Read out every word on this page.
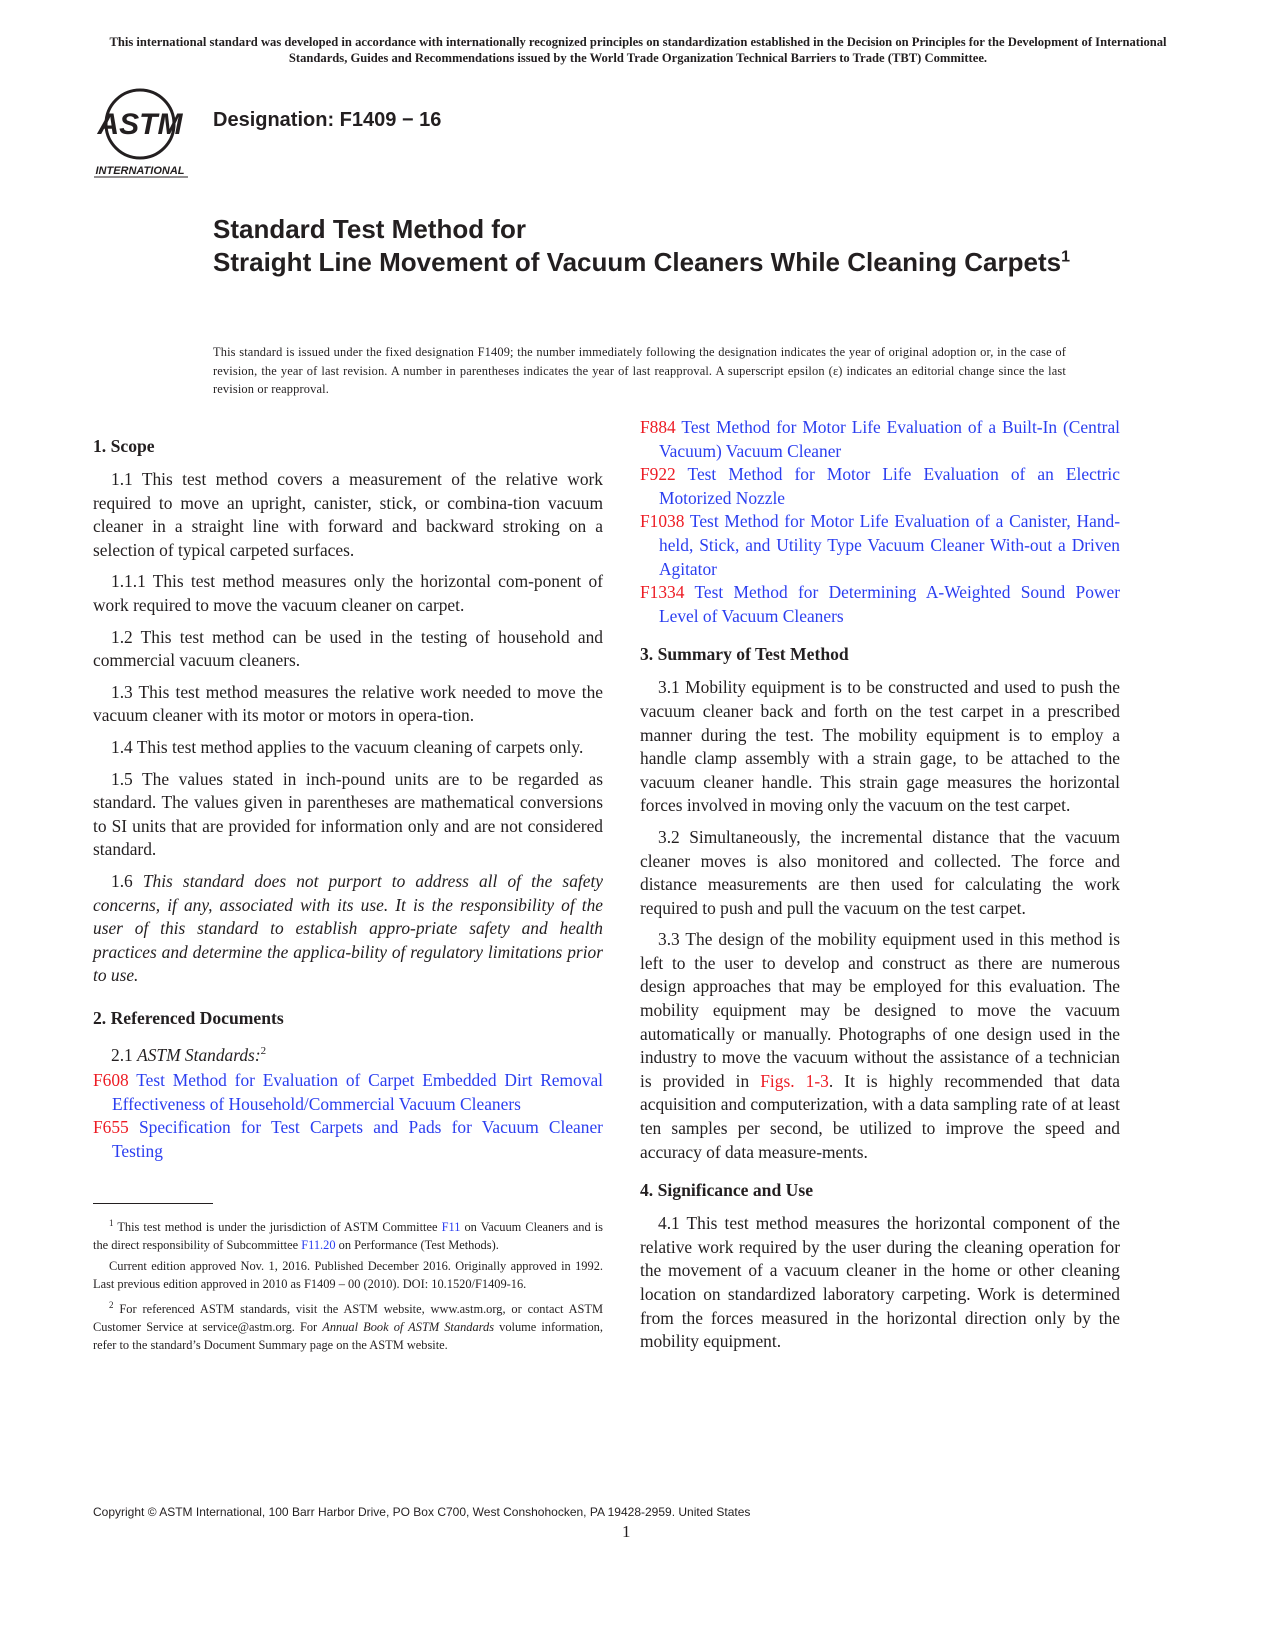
This international standard was developed in accordance with internationally recognized principles on standardization established in the Decision on Principles for the Development of International Standards, Guides and Recommendations issued by the World Trade Organization Technical Barriers to Trade (TBT) Committee.
ASTM
INTERNATIONAL
Designation: F1409 − 16
Standard Test Method for
Straight Line Movement of Vacuum Cleaners While Cleaning Carpets$^1$
This standard is issued under the fixed designation F1409; the number immediately following the designation indicates the year of original adoption or, in the case of revision, the year of last revision. A number in parentheses indicates the year of last reapproval. A superscript epsilon (ε) indicates an editorial change since the last revision or reapproval.
1. Scope

1.1 This test method covers a measurement of the relative work required to move an upright, canister, stick, or combina-tion vacuum cleaner in a straight line with forward and backward stroking on a selection of typical carpeted surfaces.

1.1.1 This test method measures only the horizontal com-ponent of work required to move the vacuum cleaner on carpet.

1.2 This test method can be used in the testing of household and commercial vacuum cleaners.

1.3 This test method measures the relative work needed to move the vacuum cleaner with its motor or motors in opera-tion.

1.4 This test method applies to the vacuum cleaning of carpets only.

1.5 The values stated in inch-pound units are to be regarded as standard. The values given in parentheses are mathematical conversions to SI units that are provided for information only and are not considered standard.

1.6 This standard does not purport to address all of the safety concerns, if any, associated with its use. It is the responsibility of the user of this standard to establish appro-priate safety and health practices and determine the applica-bility of regulatory limitations prior to use.

2. Referenced Documents

2.1 ASTM Standards:$^2$

F608 Test Method for Evaluation of Carpet Embedded Dirt Removal Effectiveness of Household/Commercial Vacuum Cleaners
F655 Specification for Test Carpets and Pads for Vacuum Cleaner Testing

$^1$ This test method is under the jurisdiction of ASTM Committee F11 on Vacuum Cleaners and is the direct responsibility of Subcommittee F11.20 on Performance (Test Methods).

Current edition approved Nov. 1, 2016. Published December 2016. Originally approved in 1992. Last previous edition approved in 2010 as F1409 – 00 (2010). DOI: 10.1520/F1409-16.

$^2$ For referenced ASTM standards, visit the ASTM website, www.astm.org, or contact ASTM Customer Service at service@astm.org. For Annual Book of ASTM Standards volume information, refer to the standard’s Document Summary page on the ASTM website.

F884 Test Method for Motor Life Evaluation of a Built-In (Central Vacuum) Vacuum Cleaner
F922 Test Method for Motor Life Evaluation of an Electric Motorized Nozzle
F1038 Test Method for Motor Life Evaluation of a Canister, Hand-held, Stick, and Utility Type Vacuum Cleaner With-out a Driven Agitator
F1334 Test Method for Determining A-Weighted Sound Power Level of Vacuum Cleaners
3. Summary of Test Method

3.1 Mobility equipment is to be constructed and used to push the vacuum cleaner back and forth on the test carpet in a prescribed manner during the test. The mobility equipment is to employ a handle clamp assembly with a strain gage, to be attached to the vacuum cleaner handle. This strain gage measures the horizontal forces involved in moving only the vacuum on the test carpet.

3.2 Simultaneously, the incremental distance that the vacuum cleaner moves is also monitored and collected. The force and distance measurements are then used for calculating the work required to push and pull the vacuum on the test carpet.

3.3 The design of the mobility equipment used in this method is left to the user to develop and construct as there are numerous design approaches that may be employed for this evaluation. The mobility equipment may be designed to move the vacuum automatically or manually. Photographs of one design used in the industry to move the vacuum without the assistance of a technician is provided in Figs. 1-3. It is highly recommended that data acquisition and computerization, with a data sampling rate of at least ten samples per second, be utilized to improve the speed and accuracy of data measure-ments.

4. Significance and Use

4.1 This test method measures the horizontal component of the relative work required by the user during the cleaning operation for the movement of a vacuum cleaner in the home or other cleaning location on standardized laboratory carpeting. Work is determined from the forces measured in the horizontal direction only by the mobility equipment.

Copyright © ASTM International, 100 Barr Harbor Drive, PO Box C700, West Conshohocken, PA 19428-2959. United States
1
